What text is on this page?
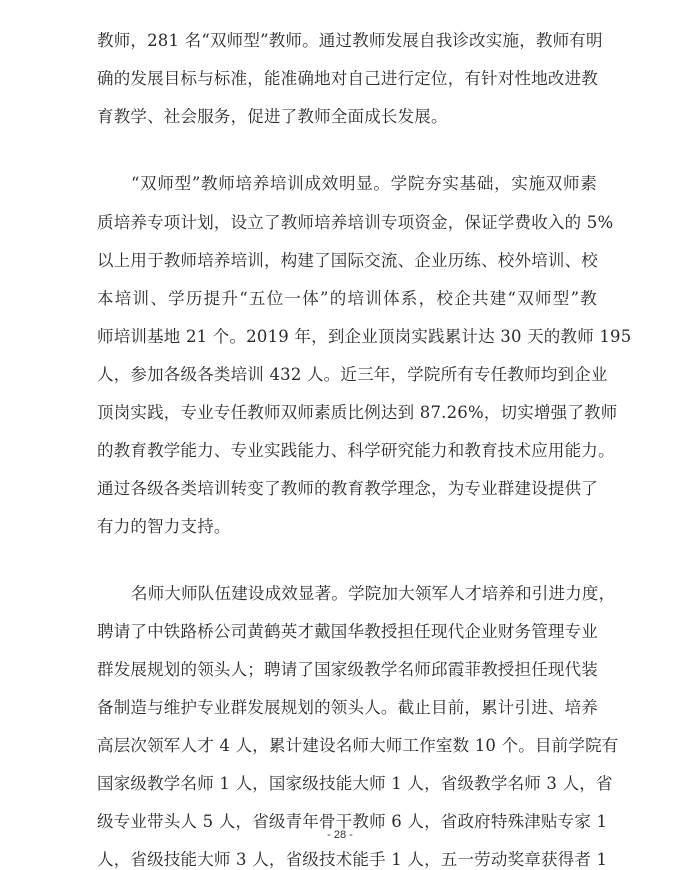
教师，281 名“双师型”教师。通过教师发展自我诊改实施，教师有明
确的发展目标与标准，能准确地对自己进行定位，有针对性地改进教
育教学、社会服务，促进了教师全面成长发展。
“双师型”教师培养培训成效明显。学院夯实基础，实施双师素
质培养专项计划，设立了教师培养培训专项资金，保证学费收入的 5%
以上用于教师培养培训，构建了国际交流、企业历练、校外培训、校
本培训、学历提升“五位一体”的培训体系，校企共建“双师型”教
师培训基地 21 个。2019 年，到企业顶岗实践累计达 30 天的教师 195
人，参加各级各类培训 432 人。近三年，学院所有专任教师均到企业
顶岗实践，专业专任教师双师素质比例达到 87.26%，切实增强了教师
的教育教学能力、专业实践能力、科学研究能力和教育技术应用能力。
通过各级各类培训转变了教师的教育教学理念，为专业群建设提供了
有力的智力支持。
名师大师队伍建设成效显著。学院加大领军人才培养和引进力度，
聘请了中铁路桥公司黄鹤英才戴国华教授担任现代企业财务管理专业
群发展规划的领头人；聘请了国家级教学名师邱霞菲教授担任现代装
备制造与维护专业群发展规划的领头人。截止目前，累计引进、培养
高层次领军人才 4 人，累计建设名师大师工作室数 10 个。目前学院有
国家级教学名师 1 人，国家级技能大师 1 人，省级教学名师 3 人，省
级专业带头人 5 人，省级青年骨干教师 6 人，省政府特殊津贴专家 1
人，省级技能大师 3 人，省级技术能手 1 人，五一劳动奖章获得者 1
- 28 -
